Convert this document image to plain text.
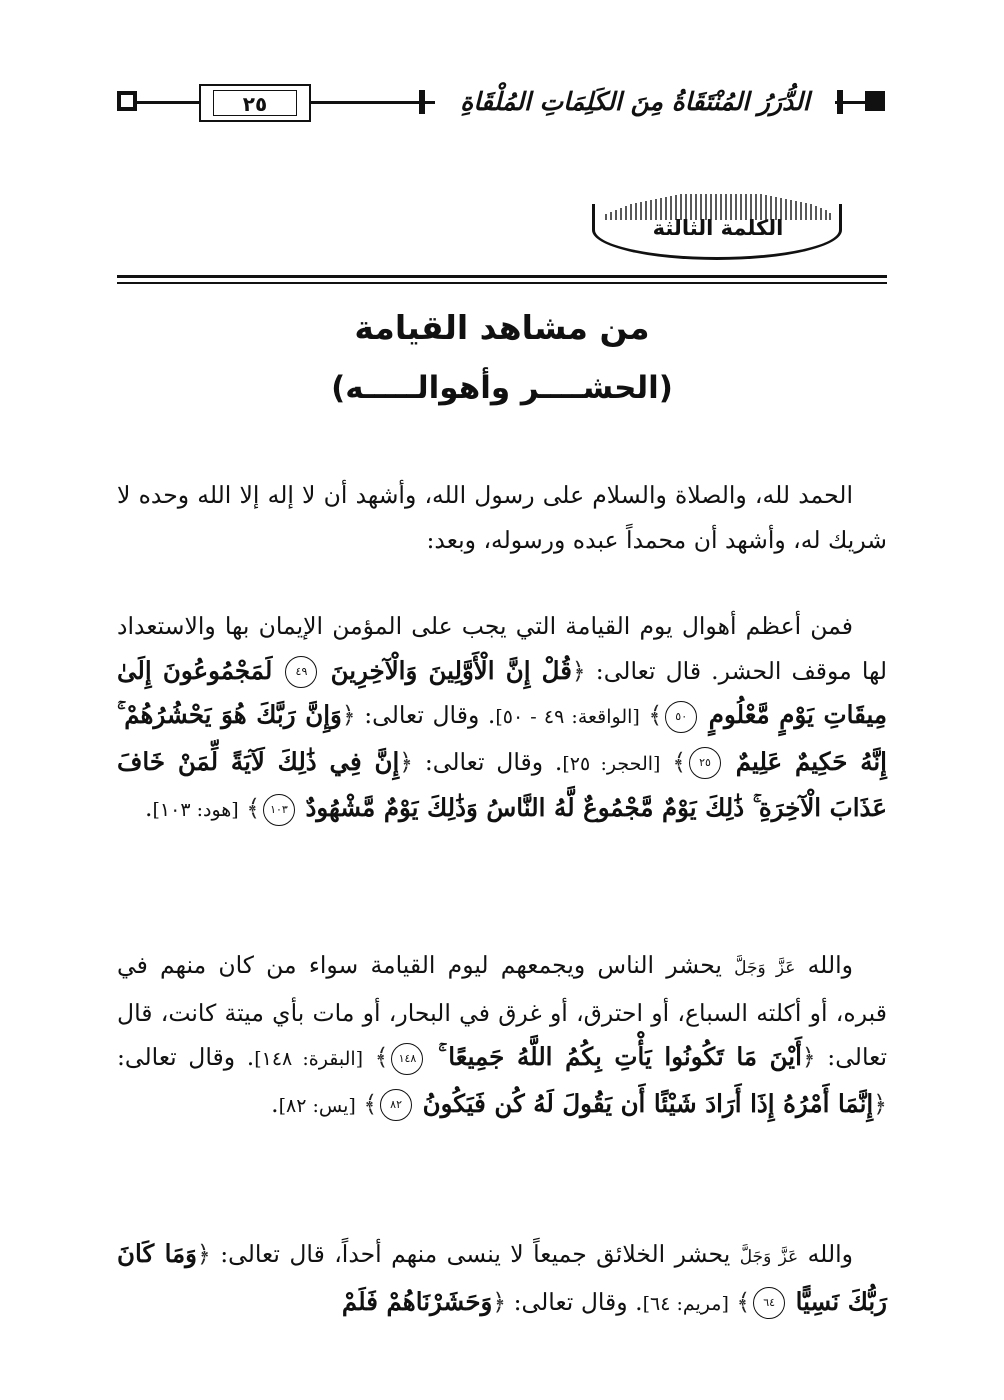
٢٥	الدُّرَرُ المُنْتَقَاةُ مِنَ الكَلِمَاتِ المُلْقَاةِ
الكلمة الثالثة
من مشاهد القيامة
(الحشــــر وأهوالـــــه)

الحمد لله، والصلاة والسلام على رسول الله، وأشهد أن لا إله إلا الله وحده لا شريك له، وأشهد أن محمداً عبده ورسوله، وبعد:

فمن أعظم أهوال يوم القيامة التي يجب على المؤمن الإيمان بها والاستعداد لها موقف الحشر. قال تعالى: ﴿قُلْ إِنَّ الْأَوَّلِينَ وَالْآخِرِينَ ٤٩ لَمَجْمُوعُونَ إِلَىٰ مِيقَاتِ يَوْمٍ مَّعْلُومٍ ٥٠﴾ [الواقعة: ٤٩ - ٥٠]. وقال تعالى: ﴿وَإِنَّ رَبَّكَ هُوَ يَحْشُرُهُمْ ۚ إِنَّهُ حَكِيمٌ عَلِيمٌ ٢٥﴾ [الحجر: ٢٥]. وقال تعالى: ﴿إِنَّ فِي ذَٰلِكَ لَآيَةً لِّمَنْ خَافَ عَذَابَ الْآخِرَةِ ۚ ذَٰلِكَ يَوْمٌ مَّجْمُوعٌ لَّهُ النَّاسُ وَذَٰلِكَ يَوْمٌ مَّشْهُودٌ ١٠٣﴾ [هود: ١٠٣].

والله عَزَّ وَجَلَّ يحشر الناس ويجمعهم ليوم القيامة سواء من كان منهم في قبره، أو أكلته السباع، أو احترق، أو غرق في البحار، أو مات بأي ميتة كانت، قال تعالى: ﴿أَيْنَ مَا تَكُونُوا يَأْتِ بِكُمُ اللَّهُ جَمِيعًا ۚ ١٤٨﴾ [البقرة: ١٤٨]. وقال تعالى: ﴿إِنَّمَا أَمْرُهُ إِذَا أَرَادَ شَيْئًا أَن يَقُولَ لَهُ كُن فَيَكُونُ ٨٢﴾ [يس: ٨٢].

والله عَزَّ وَجَلَّ يحشر الخلائق جميعاً لا ينسى منهم أحداً، قال تعالى: ﴿وَمَا كَانَ رَبُّكَ نَسِيًّا ٦٤﴾ [مريم: ٦٤]. وقال تعالى: ﴿وَحَشَرْنَاهُمْ فَلَمْ
